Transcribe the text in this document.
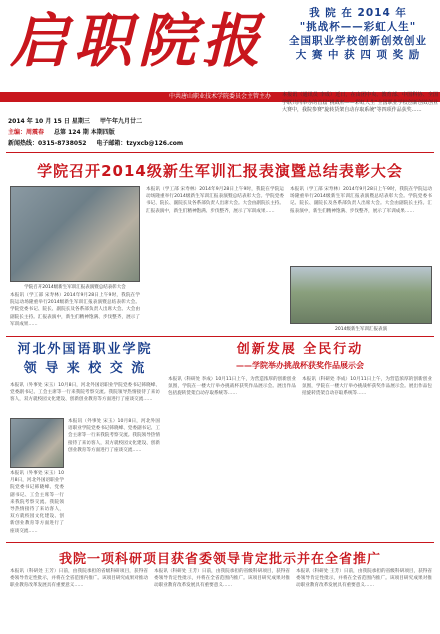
启职院报
中共唐山职业技术学院委员会主管主办
我 院 在 2014 年
"挑战杯——彩虹人生"
全国职业学校创新创效创业
大 赛 中 获 四 项 奖 励
本报讯（通讯员 李成）近日，在由团中央、教育部、中国科协、全国学联共同举办的首届"挑战杯——彩虹人生"全国职业学校创新创效创业大赛中，我院参赛"旋转货架自动存取系统"等四项作品获奖……
2014 年 10 月 15 日 星期三 甲午年九月廿二
主编：周震春 总第 124 期 本期四版
新闻热线：0315-8738052 电子邮箱：tzyxcb@126.com
学院召开2014级新生军训汇报表演暨总结表彰大会
学院召开2014级新生军训汇报表演暨总结表彰大会
本报讯（学工部 宋寿林）2014年9月28日上午9时，我院在学院运动场隆重举行2014级新生军训汇报表演暨总结表彰大会。学院党委书记、院长、副院长及各系部负责人出席大会。大会由副院长主持。汇报表演中，新生们精神饱满、步伐整齐，展示了军训成果……
本报讯（学工部 宋寿林）2014年9月28日上午9时，我院在学院运动场隆重举行2014级新生军训汇报表演暨总结表彰大会。学院党委书记、院长、副院长及各系部负责人出席大会。大会由副院长主持。汇报表演中，新生们精神饱满、步伐整齐，展示了军训成果……
本报讯（学工部 宋寿林）2014年9月28日上午9时，我院在学院运动场隆重举行2014级新生军训汇报表演暨总结表彰大会。学院党委书记、院长、副院长及各系部负责人出席大会。大会由副院长主持。汇报表演中，新生们精神饱满、步伐整齐，展示了军训成果……
2014级新生军训汇报表演
河北外国语职业学院
领 导 来 校 交 流
本报讯（外事处 宋玉）10月8日，河北外国语职业学院党委书记韩晓峰、党委副书记、工会主席等一行来我院考察交流。我院领导热情接待了来访客人，双方就校园文化建设、创新创业教育等方面进行了座谈交流……
本报讯（外事处 宋玉）10月8日，河北外国语职业学院党委书记韩晓峰、党委副书记、工会主席等一行来我院考察交流。我院领导热情接待了来访客人，双方就校园文化建设、创新创业教育等方面进行了座谈交流……
本报讯（外事处 宋玉）10月8日，河北外国语职业学院党委书记韩晓峰、党委副书记、工会主席等一行来我院考察交流。我院领导热情接待了来访客人，双方就校园文化建设、创新创业教育等方面进行了座谈交流……
创新发展 全民行动
——学院举办挑战杯获奖作品展示会
本报讯（科研处 李成）10月11日上午，为营造浓厚的创新创业氛围，学院在一楼大厅举办挑战杯获奖作品展示会。展出作品包括旋转货架自动存取系统等……
本报讯（科研处 李成）10月11日上午，为营造浓厚的创新创业氛围，学院在一楼大厅举办挑战杯获奖作品展示会。展出作品包括旋转货架自动存取系统等……
我院一项科研项目获省委领导肯定批示并在全省推广
本报讯（科研处 王芳）日前，由我院承担的省级科研项目，获得省委领导肯定性批示，并将在全省范围内推广。该项目研究成果对推动职业教育改革发展具有重要意义……
本报讯（科研处 王芳）日前，由我院承担的省级科研项目，获得省委领导肯定性批示，并将在全省范围内推广。该项目研究成果对推动职业教育改革发展具有重要意义……
本报讯（科研处 王芳）日前，由我院承担的省级科研项目，获得省委领导肯定性批示，并将在全省范围内推广。该项目研究成果对推动职业教育改革发展具有重要意义……
